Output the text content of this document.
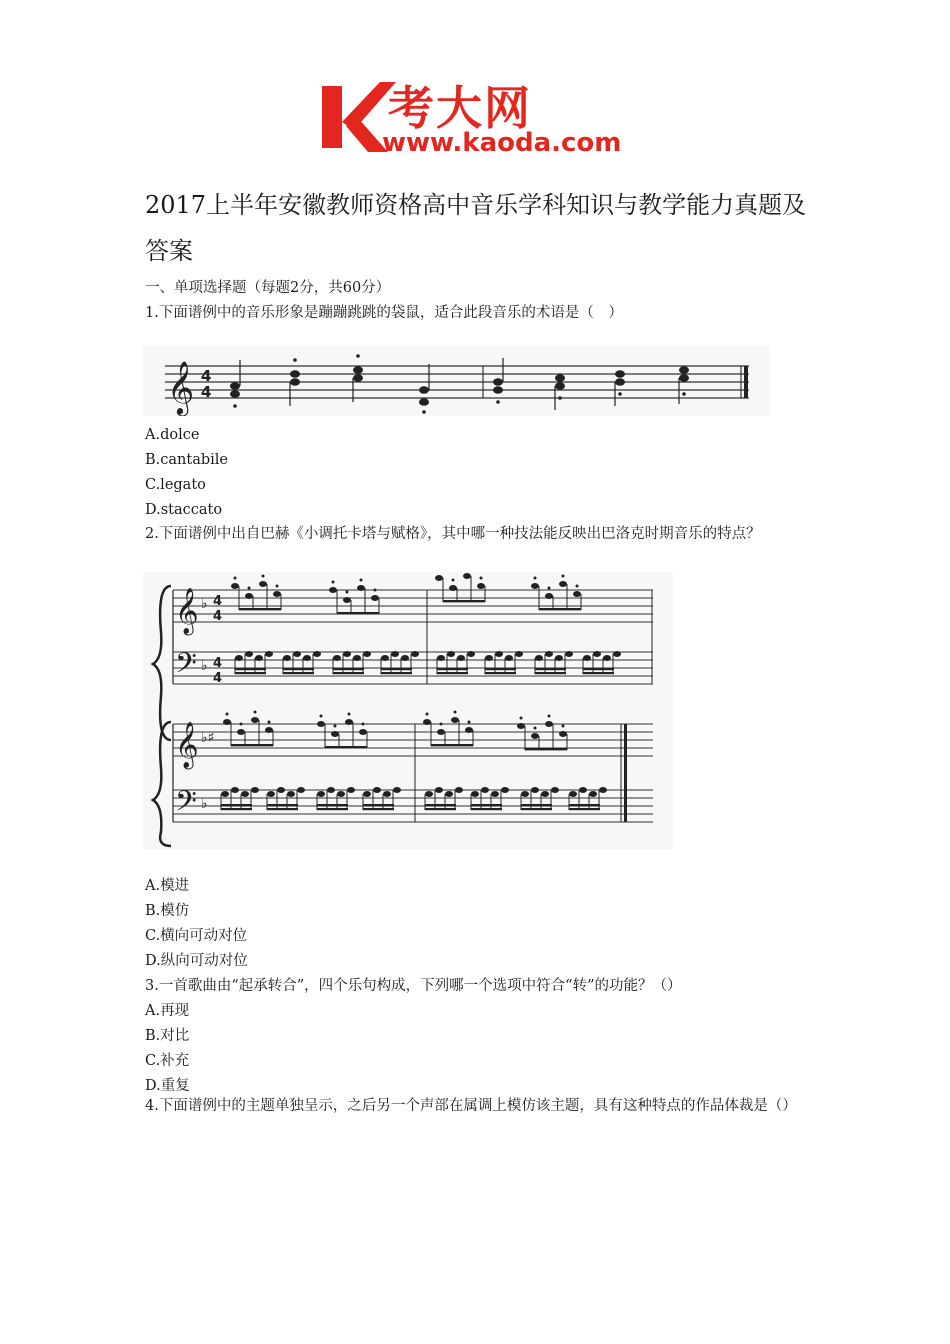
考大网
www.kaoda.com
2017上半年安徽教师资格高中音乐学科知识与教学能力真题及答案
一、单项选择题（每题2分，共60分）
1.下面谱例中的音乐形象是蹦蹦跳跳的袋鼠，适合此段音乐的术语是（　）
𝄞 4
4
A.dolce
B.cantabile
C.legato
D.staccato
2.下面谱例中出自巴赫《小调托卡塔与赋格》，其中哪一种技法能反映出巴洛克时期音乐的特点？
𝄞
𝄢
♭
♭
4
4
4
4
𝄞
𝄢
♭♯
♭
A.模进
B.模仿
C.横向可动对位
D.纵向可动对位
3.一首歌曲由“起承转合”，四个乐句构成，下列哪一个选项中符合“转”的功能？（）
A.再现
B.对比
C.补充
D.重复
4.下面谱例中的主题单独呈示，之后另一个声部在属调上模仿该主题，具有这种特点的作品体裁是（）
